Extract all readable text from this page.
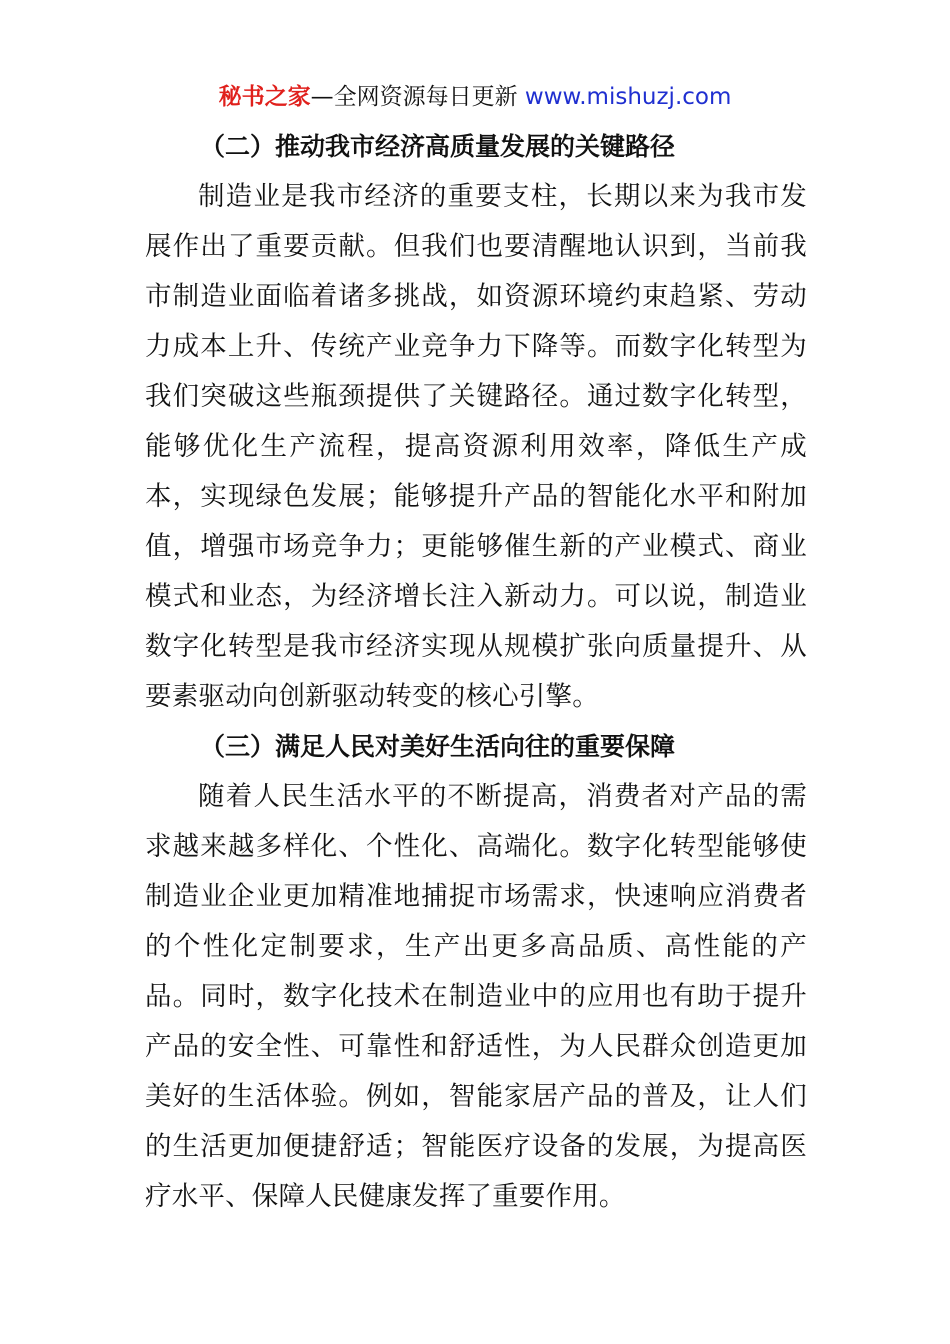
秘书之家—全网资源每日更新 www.mishuzj.com
（二）推动我市经济高质量发展的关键路径

制造业是我市经济的重要支柱，长期以来为我市发展作出了重要贡献。但我们也要清醒地认识到，当前我市制造业面临着诸多挑战，如资源环境约束趋紧、劳动力成本上升、传统产业竞争力下降等。而数字化转型为我们突破这些瓶颈提供了关键路径。通过数字化转型，能够优化生产流程，提高资源利用效率，降低生产成本，实现绿色发展；能够提升产品的智能化水平和附加值，增强市场竞争力；更能够催生新的产业模式、商业模式和业态，为经济增长注入新动力。可以说，制造业数字化转型是我市经济实现从规模扩张向质量提升、从要素驱动向创新驱动转变的核心引擎。

（三）满足人民对美好生活向往的重要保障

随着人民生活水平的不断提高，消费者对产品的需求越来越多样化、个性化、高端化。数字化转型能够使制造业企业更加精准地捕捉市场需求，快速响应消费者的个性化定制要求，生产出更多高品质、高性能的产品。同时，数字化技术在制造业中的应用也有助于提升产品的安全性、可靠性和舒适性，为人民群众创造更加美好的生活体验。例如，智能家居产品的普及，让人们的生活更加便捷舒适；智能医疗设备的发展，为提高医疗水平、保障人民健康发挥了重要作用。
